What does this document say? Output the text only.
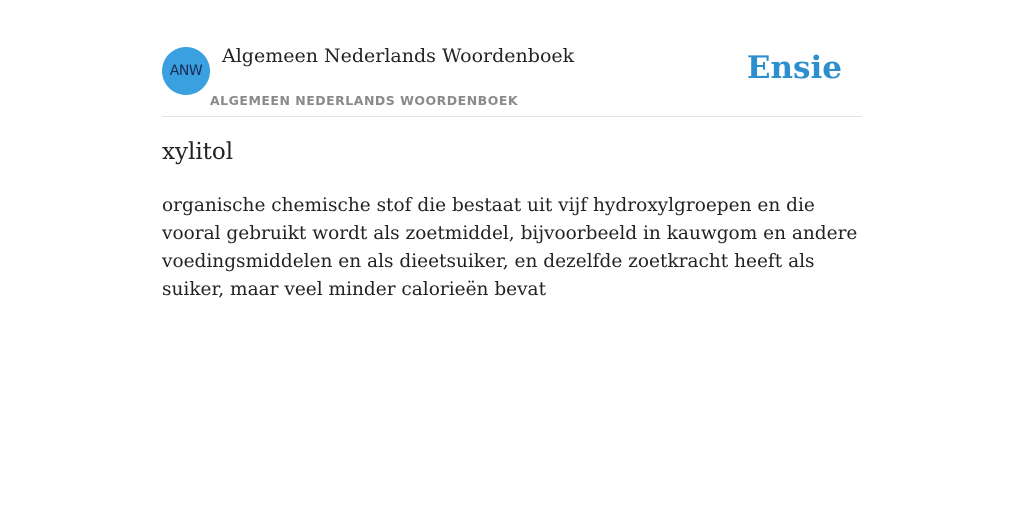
ANW
Algemeen Nederlands Woordenboek
ALGEMEEN NEDERLANDS WOORDENBOEK
Ensie
xylitol
organische chemische stof die bestaat uit vijf hydroxylgroepen en die vooral gebruikt wordt als zoetmiddel, bijvoorbeeld in kauwgom en andere voedingsmiddelen en als dieetsuiker, en dezelfde zoetkracht heeft als suiker, maar veel minder calorieën bevat
